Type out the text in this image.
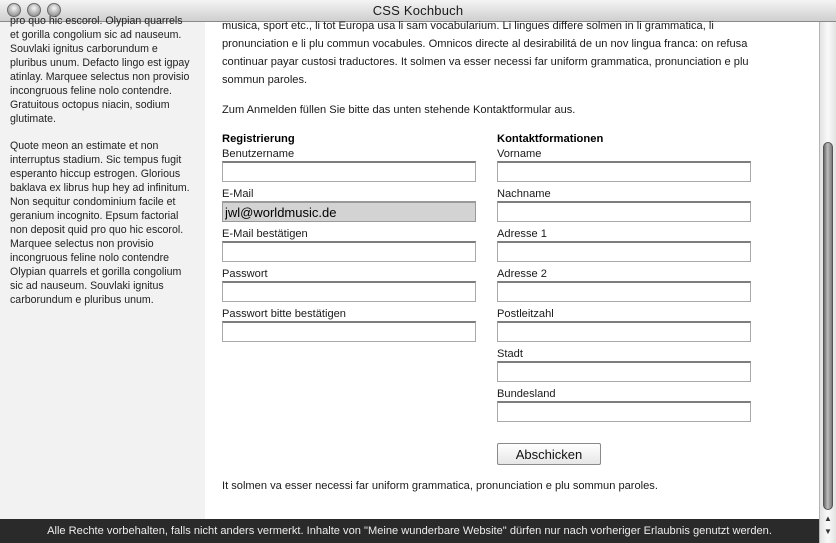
CSS Kochbuch

pro quo hic escorol. Olypian quarrels et gorilla congolium sic ad nauseum. Souvlaki ignitus carborundum e pluribus unum. Defacto lingo est igpay atinlay. Marquee selectus non provisio incongruous feline nolo contendre. Gratuitous octopus niacin, sodium glutimate.

Quote meon an estimate et non interruptus stadium. Sic tempus fugit esperanto hiccup estrogen. Glorious baklava ex librus hup hey ad infinitum. Non sequitur condominium facile et geranium incognito. Epsum factorial non deposit quid pro quo hic escorol. Marquee selectus non provisio incongruous feline nolo contendre Olypian quarrels et gorilla congolium sic ad nauseum. Souvlaki ignitus carborundum e pluribus unum.

musica, sport etc., li tot Europa usa li sam vocabularium. Li lingues differe solmen in li grammatica, li pronunciation e li plu commun vocabules. Omnicos directe al desirabilitá de un nov lingua franca: on refusa continuar payar custosi traductores. It solmen va esser necessi far uniform grammatica, pronunciation e plu sommun paroles.

Zum Anmelden füllen Sie bitte das unten stehende Kontaktformular aus.

Registrierung
Benutzername
E-Mail
jwl@worldmusic.de
E-Mail bestätigen
Passwort
Passwort bitte bestätigen
Kontaktformationen
Vorname
Nachname
Adresse 1
Adresse 2
Postleitzahl
Stadt
Bundesland
Abschicken

It solmen va esser necessi far uniform grammatica, pronunciation e plu sommun paroles.

▲
▼
Alle Rechte vorbehalten, falls nicht anders vermerkt. Inhalte von "Meine wunderbare Website" dürfen nur nach vorheriger Erlaubnis genutzt werden.
